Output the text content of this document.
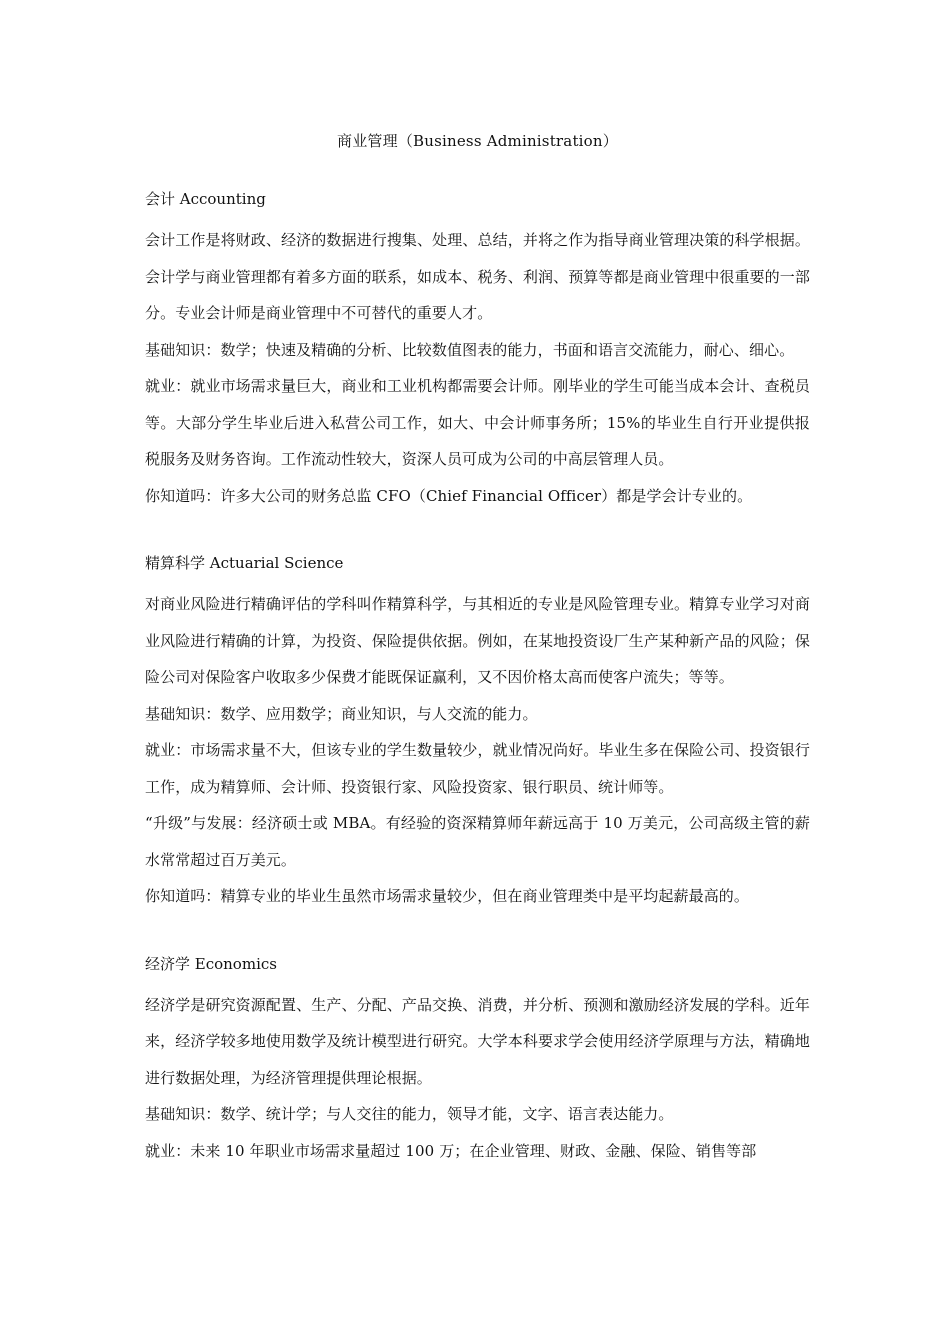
商业管理（Business Administration）
会计 Accounting

会计工作是将财政、经济的数据进行搜集、处理、总结，并将之作为指导商业管理决策的科学根据。会计学与商业管理都有着多方面的联系，如成本、税务、利润、预算等都是商业管理中很重要的一部分。专业会计师是商业管理中不可替代的重要人才。

基础知识：数学；快速及精确的分析、比较数值图表的能力，书面和语言交流能力，耐心、细心。

就业：就业市场需求量巨大，商业和工业机构都需要会计师。刚毕业的学生可能当成本会计、查税员等。大部分学生毕业后进入私营公司工作，如大、中会计师事务所；15%的毕业生自行开业提供报税服务及财务咨询。工作流动性较大，资深人员可成为公司的中高层管理人员。

你知道吗：许多大公司的财务总监 CFO（Chief Financial Officer）都是学会计专业的。

精算科学 Actuarial Science

对商业风险进行精确评估的学科叫作精算科学，与其相近的专业是风险管理专业。精算专业学习对商业风险进行精确的计算，为投资、保险提供依据。例如，在某地投资设厂生产某种新产品的风险；保险公司对保险客户收取多少保费才能既保证赢利，又不因价格太高而使客户流失；等等。

基础知识：数学、应用数学；商业知识，与人交流的能力。

就业：市场需求量不大，但该专业的学生数量较少，就业情况尚好。毕业生多在保险公司、投资银行工作，成为精算师、会计师、投资银行家、风险投资家、银行职员、统计师等。

“升级”与发展：经济硕士或 MBA。有经验的资深精算师年薪远高于 10 万美元，公司高级主管的薪水常常超过百万美元。

你知道吗：精算专业的毕业生虽然市场需求量较少，但在商业管理类中是平均起薪最高的。

经济学 Economics

经济学是研究资源配置、生产、分配、产品交换、消费，并分析、预测和激励经济发展的学科。近年来，经济学较多地使用数学及统计模型进行研究。大学本科要求学会使用经济学原理与方法，精确地进行数据处理，为经济管理提供理论根据。

基础知识：数学、统计学；与人交往的能力，领导才能，文字、语言表达能力。

就业：未来 10 年职业市场需求量超过 100 万；在企业管理、财政、金融、保险、销售等部
